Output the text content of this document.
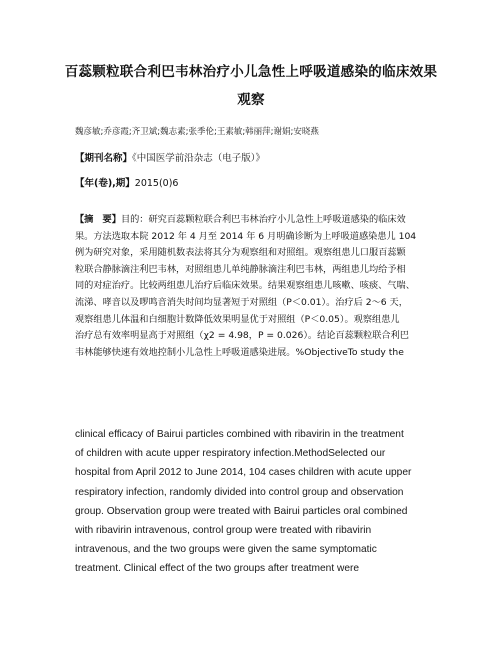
百蕊颗粒联合利巴韦林治疗小儿急性上呼吸道感染的临床效果
观察
魏彦敏;乔彦霞;齐卫斌;魏志素;张季伦;王素敏;韩丽萍;谢娟;安晓燕
【期刊名称】《中国医学前沿杂志（电子版）》
【年(卷),期】2015(0)6

【摘　要】目的：研究百蕊颗粒联合利巴韦林治疗小儿急性上呼吸道感染的临床效

果。方法选取本院 2012 年 4 月至 2014 年 6 月明确诊断为上呼吸道感染患儿 104

例为研究对象，采用随机数表法将其分为观察组和对照组。观察组患儿口服百蕊颗

粒联合静脉滴注利巴韦林，对照组患儿单纯静脉滴注利巴韦林，两组患儿均给予相

同的对症治疗。比较两组患儿治疗后临床效果。结果观察组患儿咳嗽、咳痰、气喘、

流涕、哮音以及啰鸣音消失时间均显著短于对照组（P＜0.01）。治疗后 2～6 天，

观察组患儿体温和白细胞计数降低效果明显优于对照组（P＜0.05）。观察组患儿

治疗总有效率明显高于对照组（χ2 = 4.98，P = 0.026）。结论百蕊颗粒联合利巴

韦林能够快速有效地控制小儿急性上呼吸道感染进展。%ObjectiveTo study the

clinical efficacy of Bairui particles combined with ribavirin in the treatment

of children with acute upper respiratory infection.MethodSelected our

hospital from April 2012 to June 2014, 104 cases children with acute upper

respiratory infection, randomly divided into control group and observation

group. Observation group were treated with Bairui particles oral combined

with ribavirin intravenous, control group were treated with ribavirin

intravenous, and the two groups were given the same symptomatic

treatment. Clinical effect of the two groups after treatment were
